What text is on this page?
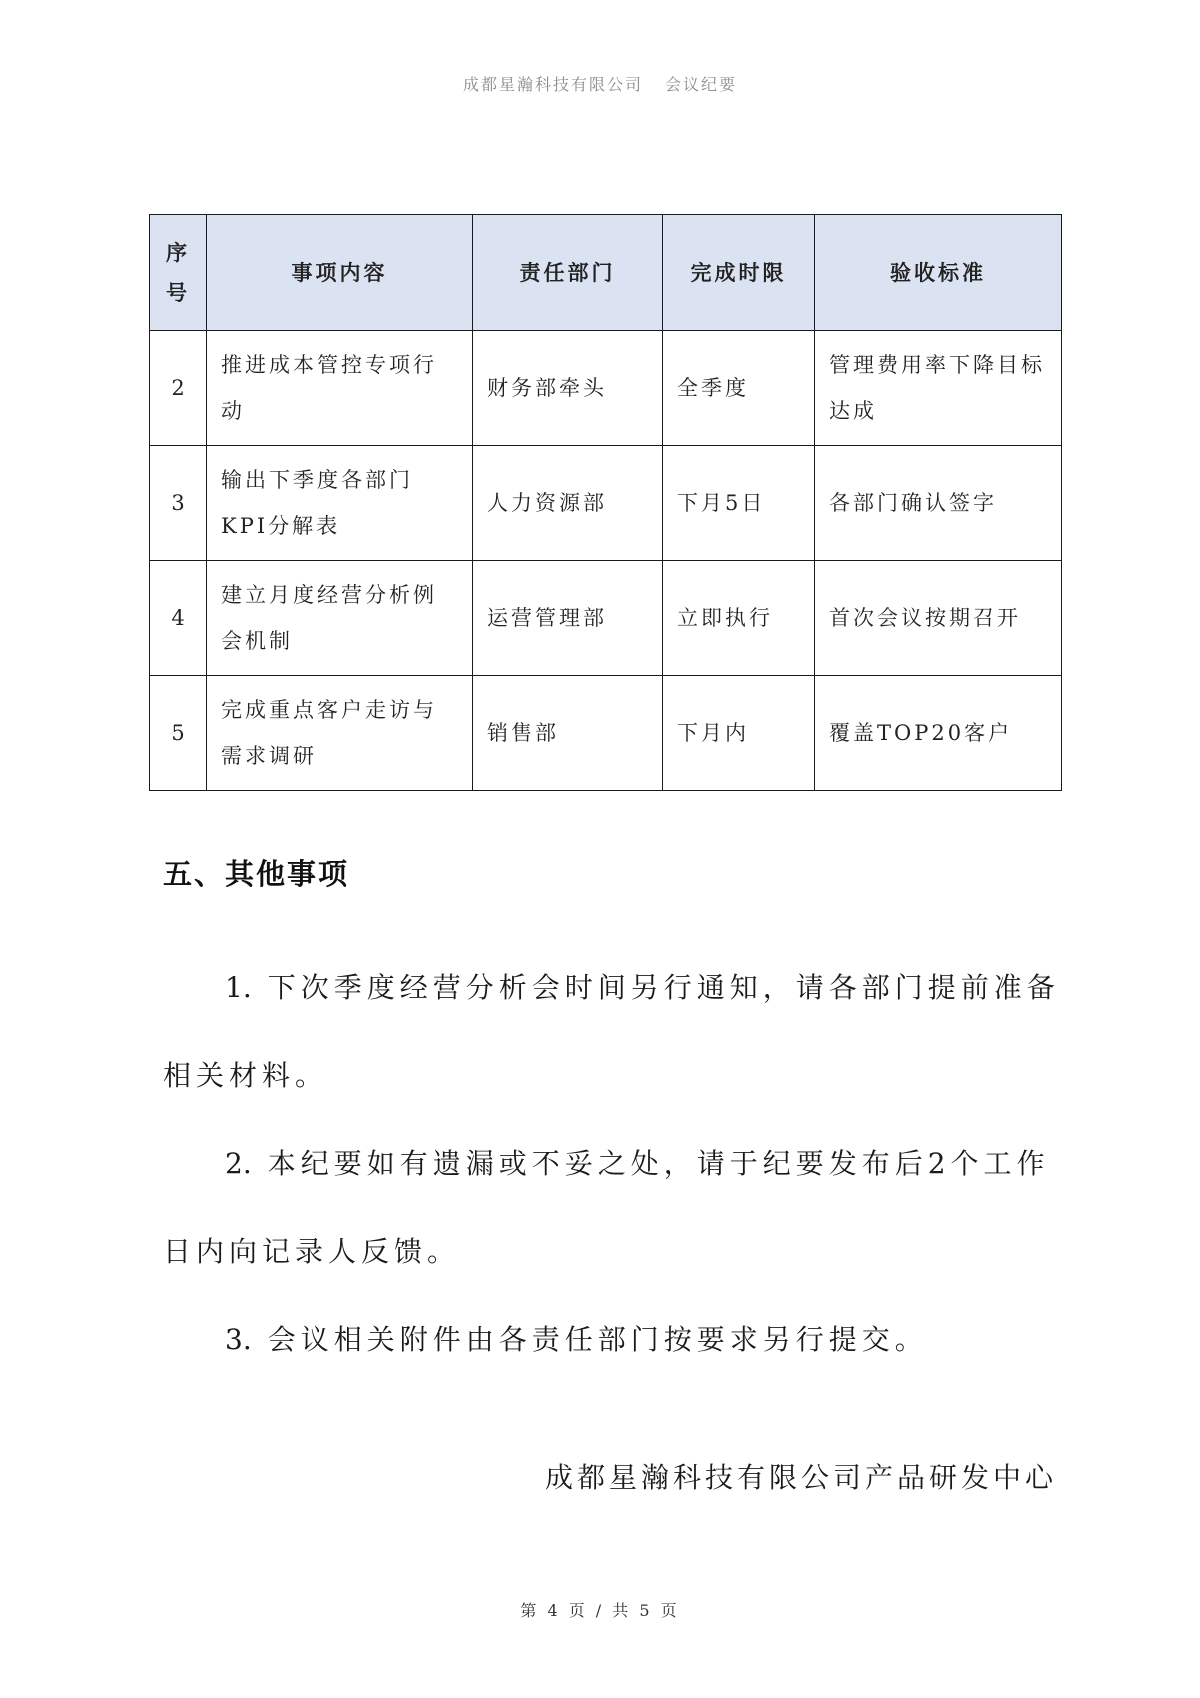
成都星瀚科技有限公司 会议纪要
序号	事项内容	责任部门	完成时限	验收标准
2	推进成本管控专项行动	财务部牵头	全季度	管理费用率下降目标达成
3	输出下季度各部门KPI分解表	人力资源部	下月5日	各部门确认签字
4	建立月度经营分析例会机制	运营管理部	立即执行	首次会议按期召开
5	完成重点客户走访与需求调研	销售部	下月内	覆盖TOP20客户
五、其他事项

1. 下次季度经营分析会时间另行通知，请各部门提前准备相关材料。

2. 本纪要如有遗漏或不妥之处，请于纪要发布后2个工作日内向记录人反馈。

3. 会议相关附件由各责任部门按要求另行提交。

成都星瀚科技有限公司产品研发中心
第 4 页 / 共 5 页
